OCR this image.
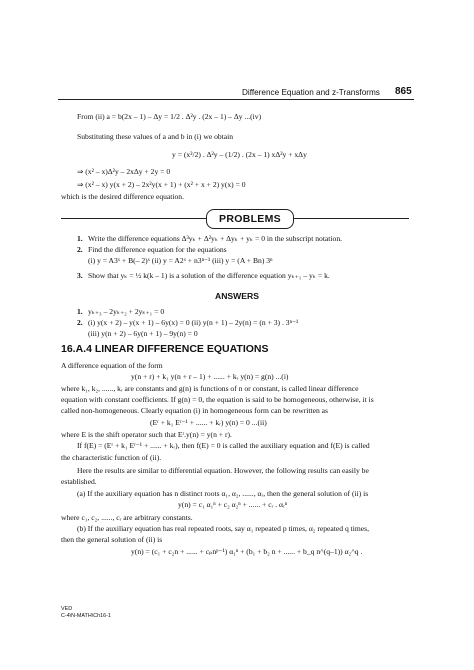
Difference Equation and z-Transforms 865
From (ii) a = b(2x – 1) – Δy = 1/2 . Δ²y . (2x – 1) – Δy ...(iv)
Substituting these values of a and b in (i) we obtain
y = (x²/2) . Δ²y – (1/2) . (2x – 1) xΔ²y + xΔy
⇒ (x² – x)Δ²y – 2xΔy + 2y = 0
⇒ (x² – x) y(x + 2) – 2x²y(x + 1) + (x² + x + 2) y(x) = 0
which is the desired difference equation.
PROBLEMS
1. Write the difference equations Δ³yₖ + Δ²yₖ + Δyₖ + yₖ = 0 in the subscript notation.
2. Find the difference equation for the equations
(i) y = A3ˣ + B(– 2)ˣ (ii) y = A2ˣ + n3ⁿ⁻¹ (iii) y = (A + Bn) 3ⁿ
3. Show that yₖ = ½ k(k – 1) is a solution of the difference equation yₖ₊₁ – yₖ = k.
ANSWERS
1. yₖ₊₃ – 2yₖ₊₂ + 2yₖ₊₁ = 0
2. (i) y(x + 2) – y(x + 1) – 6y(x) = 0 (ii) y(n + 1) – 2y(n) = (n + 3) . 3ⁿ⁻¹
(iii) y(n + 2) – 6y(n + 1) – 9y(n) = 0
16.A.4 LINEAR DIFFERENCE EQUATIONS
A difference equation of the form
y(n + r) + k₁ y(n + r – 1) + ...... + kᵣ y(n) = g(n) ...(i)
where k₁, k₂, ......, kᵣ are constants and g(n) is functions of n or constant, is called linear difference
equation with constant coefficients. If g(n) = 0, the equation is said to be homogeneous, otherwise, it is
called non-homogeneous. Clearly equation (i) in homogeneous form can be rewritten as
(Eʳ + k₁ Eʳ⁻¹ + ...... + kᵣ) y(n) = 0 ...(ii)
where E is the shift operator such that Eʳ.y(n) = y(n + r).
If f(E) = (Eʳ + k₁ Eʳ⁻¹ + ...... + kᵣ), then f(E) = 0 is called the auxiliary equation and f(E) is called
the characteristic function of (ii).
Here the results are similar to differential equation. However, the following results can easily be
established.
(a) If the auxiliary equation has n distinct roots α₁, α₂, ......, αᵣ, then the general solution of (ii) is
y(n) = c₁ α₁ⁿ + c₂ α₂ⁿ + ...... + cᵣ . αᵣⁿ
where c₁, c₂, ......, cᵣ are arbitrary constants.
(b) If the auxiliary equation has real repeated roots, say α₁ repeated p times, α₂ repeated q times,
then the general solution of (ii) is
y(n) = (c₁ + c₂n + ...... + cₚnᵖ⁻¹) α₁ⁿ + (b₁ + b₂ n + ...... + b_q n^(q–1)) α₂^q .
VED
C-4\N-MATH\Ch16-1
